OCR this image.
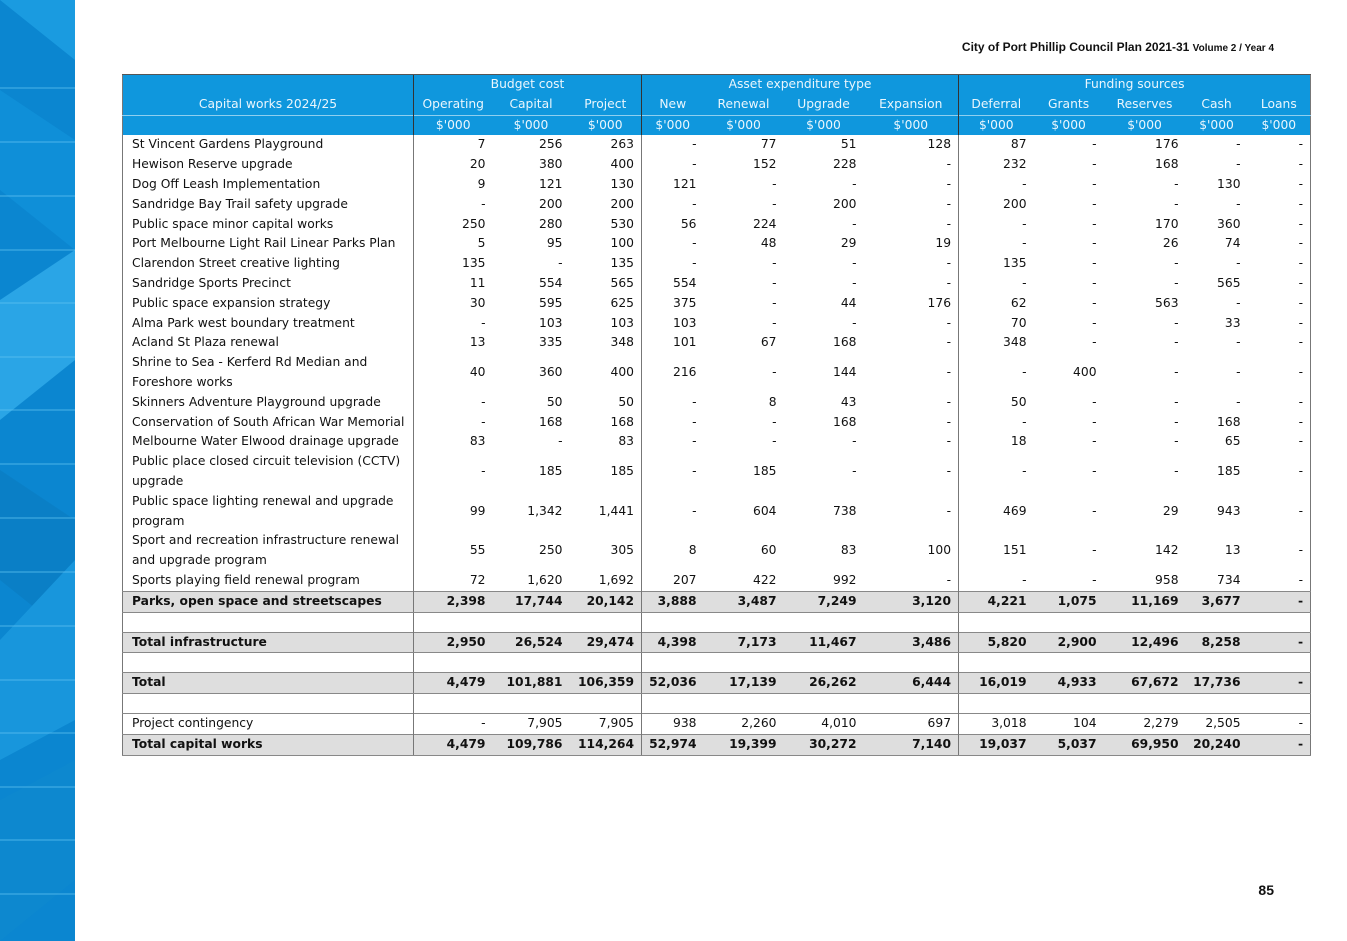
City of Port Phillip Council Plan 2021-31 Volume 2 / Year 4
	Budget cost			Asset expenditure type				Funding sources				
Capital works 2024/25	Operating	Capital	Project	New	Renewal	Upgrade	Expansion	Deferral	Grants	Reserves	Cash	Loans
	$'000	$'000	$'000	$'000	$'000	$'000	$'000	$'000	$'000	$'000	$'000	$'000
St Vincent Gardens Playground	7	256	263	-	77	51	128	87	-	176	-	-
Hewison Reserve upgrade	20	380	400	-	152	228	-	232	-	168	-	-
Dog Off Leash Implementation	9	121	130	121	-	-	-	-	-	-	130	-
Sandridge Bay Trail safety upgrade	-	200	200	-	-	200	-	200	-	-	-	-
Public space minor capital works	250	280	530	56	224	-	-	-	-	170	360	-
Port Melbourne Light Rail Linear Parks Plan	5	95	100	-	48	29	19	-	-	26	74	-
Clarendon Street creative lighting	135	-	135	-	-	-	-	135	-	-	-	-
Sandridge Sports Precinct	11	554	565	554	-	-	-	-	-	-	565	-
Public space expansion strategy	30	595	625	375	-	44	176	62	-	563	-	-
Alma Park west boundary treatment	-	103	103	103	-	-	-	70	-	-	33	-
Acland St Plaza renewal	13	335	348	101	67	168	-	348	-	-	-	-
Shrine to Sea - Kerferd Rd Median and Foreshore works	40	360	400	216	-	144	-	-	400	-	-	-
Skinners Adventure Playground upgrade	-	50	50	-	8	43	-	50	-	-	-	-
Conservation of South African War Memorial	-	168	168	-	-	168	-	-	-	-	168	-
Melbourne Water Elwood drainage upgrade	83	-	83	-	-	-	-	18	-	-	65	-
Public place closed circuit television (CCTV) upgrade	-	185	185	-	185	-	-	-	-	-	185	-
Public space lighting renewal and upgrade program	99	1,342	1,441	-	604	738	-	469	-	29	943	-
Sport and recreation infrastructure renewal and upgrade program	55	250	305	8	60	83	100	151	-	142	13	-
Sports playing field renewal program	72	1,620	1,692	207	422	992	-	-	-	958	734	-
Parks, open space and streetscapes	2,398	17,744	20,142	3,888	3,487	7,249	3,120	4,221	1,075	11,169	3,677	-

Total infrastructure	2,950	26,524	29,474	4,398	7,173	11,467	3,486	5,820	2,900	12,496	8,258	-

Total	4,479	101,881	106,359	52,036	17,139	26,262	6,444	16,019	4,933	67,672	17,736	-

Project contingency	-	7,905	7,905	938	2,260	4,010	697	3,018	104	2,279	2,505	-
Total capital works	4,479	109,786	114,264	52,974	19,399	30,272	7,140	19,037	5,037	69,950	20,240	-
85
